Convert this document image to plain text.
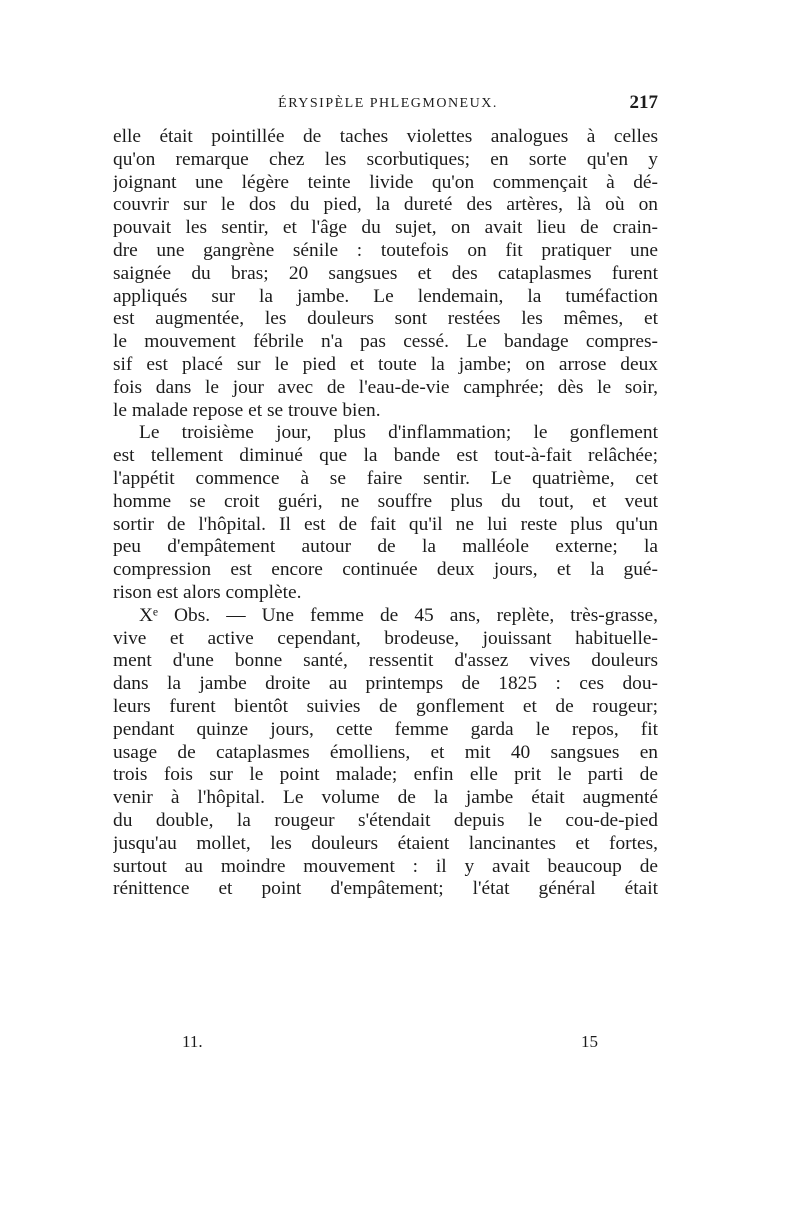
ÉRYSIPÈLE PHLEGMONEUX.	217
elle était pointillée de taches violettes analogues à celles
qu'on remarque chez les scorbutiques; en sorte qu'en y
joignant une légère teinte livide qu'on commençait à dé-
couvrir sur le dos du pied, la dureté des artères, là où on
pouvait les sentir, et l'âge du sujet, on avait lieu de crain-
dre une gangrène sénile : toutefois on fit pratiquer une
saignée du bras; 20 sangsues et des cataplasmes furent
appliqués sur la jambe. Le lendemain, la tuméfaction
est augmentée, les douleurs sont restées les mêmes, et
le mouvement fébrile n'a pas cessé. Le bandage compres-
sif est placé sur le pied et toute la jambe; on arrose deux
fois dans le jour avec de l'eau-de-vie camphrée; dès le soir,
le malade repose et se trouve bien.
Le troisième jour, plus d'inflammation; le gonflement
est tellement diminué que la bande est tout-à-fait relâchée;
l'appétit commence à se faire sentir. Le quatrième, cet
homme se croit guéri, ne souffre plus du tout, et veut
sortir de l'hôpital. Il est de fait qu'il ne lui reste plus qu'un
peu d'empâtement autour de la malléole externe; la
compression est encore continuée deux jours, et la gué-
rison est alors complète.
Xᵉ Obs. — Une femme de 45 ans, replète, très-grasse,
vive et active cependant, brodeuse, jouissant habituelle-
ment d'une bonne santé, ressentit d'assez vives douleurs
dans la jambe droite au printemps de 1825 : ces dou-
leurs furent bientôt suivies de gonflement et de rougeur;
pendant quinze jours, cette femme garda le repos, fit
usage de cataplasmes émolliens, et mit 40 sangsues en
trois fois sur le point malade; enfin elle prit le parti de
venir à l'hôpital. Le volume de la jambe était augmenté
du double, la rougeur s'étendait depuis le cou-de-pied
jusqu'au mollet, les douleurs étaient lancinantes et fortes,
surtout au moindre mouvement : il y avait beaucoup de
rénittence et point d'empâtement; l'état général était
11.	15
